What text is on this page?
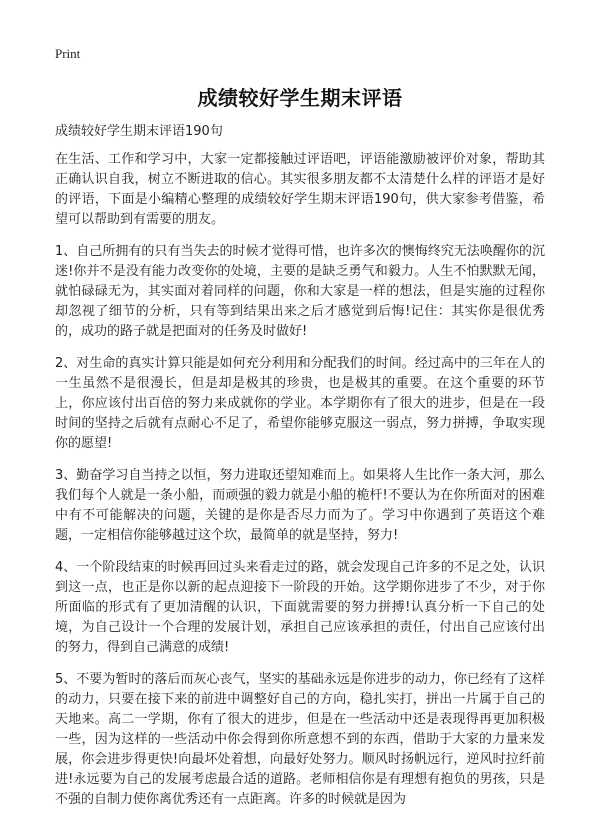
Print
成绩较好学生期末评语

成绩较好学生期末评语190句

在生活、工作和学习中，大家一定都接触过评语吧，评语能激励被评价对象，帮助其正确认识自我，树立不断进取的信心。其实很多朋友都不太清楚什么样的评语才是好的评语，下面是小编精心整理的成绩较好学生期末评语190句，供大家参考借鉴，希望可以帮助到有需要的朋友。

1、自己所拥有的只有当失去的时候才觉得可惜，也许多次的懊悔终究无法唤醒你的沉迷!你并不是没有能力改变你的处境，主要的是缺乏勇气和毅力。人生不怕默默无闻，就怕碌碌无为，其实面对着同样的问题，你和大家是一样的想法，但是实施的过程你却忽视了细节的分析，只有等到结果出来之后才感觉到后悔!记住：其实你是很优秀的，成功的路子就是把面对的任务及时做好!

2、对生命的真实计算只能是如何充分利用和分配我们的时间。经过高中的三年在人的一生虽然不是很漫长，但是却是极其的珍贵，也是极其的重要。在这个重要的环节上，你应该付出百倍的努力来成就你的学业。本学期你有了很大的进步，但是在一段时间的坚持之后就有点耐心不足了，希望你能够克服这一弱点，努力拼搏，争取实现你的愿望!

3、勤奋学习自当持之以恒，努力进取还望知难而上。如果将人生比作一条大河，那么我们每个人就是一条小船，而顽强的毅力就是小船的桅杆!不要认为在你所面对的困难中有不可能解决的问题，关键的是你是否尽力而为了。学习中你遇到了英语这个难题，一定相信你能够越过这个坎，最简单的就是坚持，努力!

4、一个阶段结束的时候再回过头来看走过的路，就会发现自己许多的不足之处，认识到这一点，也正是你以新的起点迎接下一阶段的开始。这学期你进步了不少，对于你所面临的形式有了更加清醒的认识，下面就需要的努力拼搏!认真分析一下自己的处境，为自己设计一个合理的发展计划，承担自己应该承担的责任，付出自己应该付出的努力，得到自己满意的成绩!

5、不要为暂时的落后而灰心丧气，坚实的基础永远是你进步的动力，你已经有了这样的动力，只要在接下来的前进中调整好自己的方向，稳扎实打，拼出一片属于自己的天地来。高二一学期，你有了很大的进步，但是在一些活动中还是表现得再更加积极一些，因为这样的一些活动中你会得到你所意想不到的东西，借助于大家的力量来发展，你会进步得更快!向最坏处着想，向最好处努力。顺风时扬帆远行，逆风时拉纤前进!永远要为自己的发展考虑最合适的道路。老师相信你是有理想有抱负的男孩，只是不强的自制力使你离优秀还有一点距离。许多的时候就是因为
